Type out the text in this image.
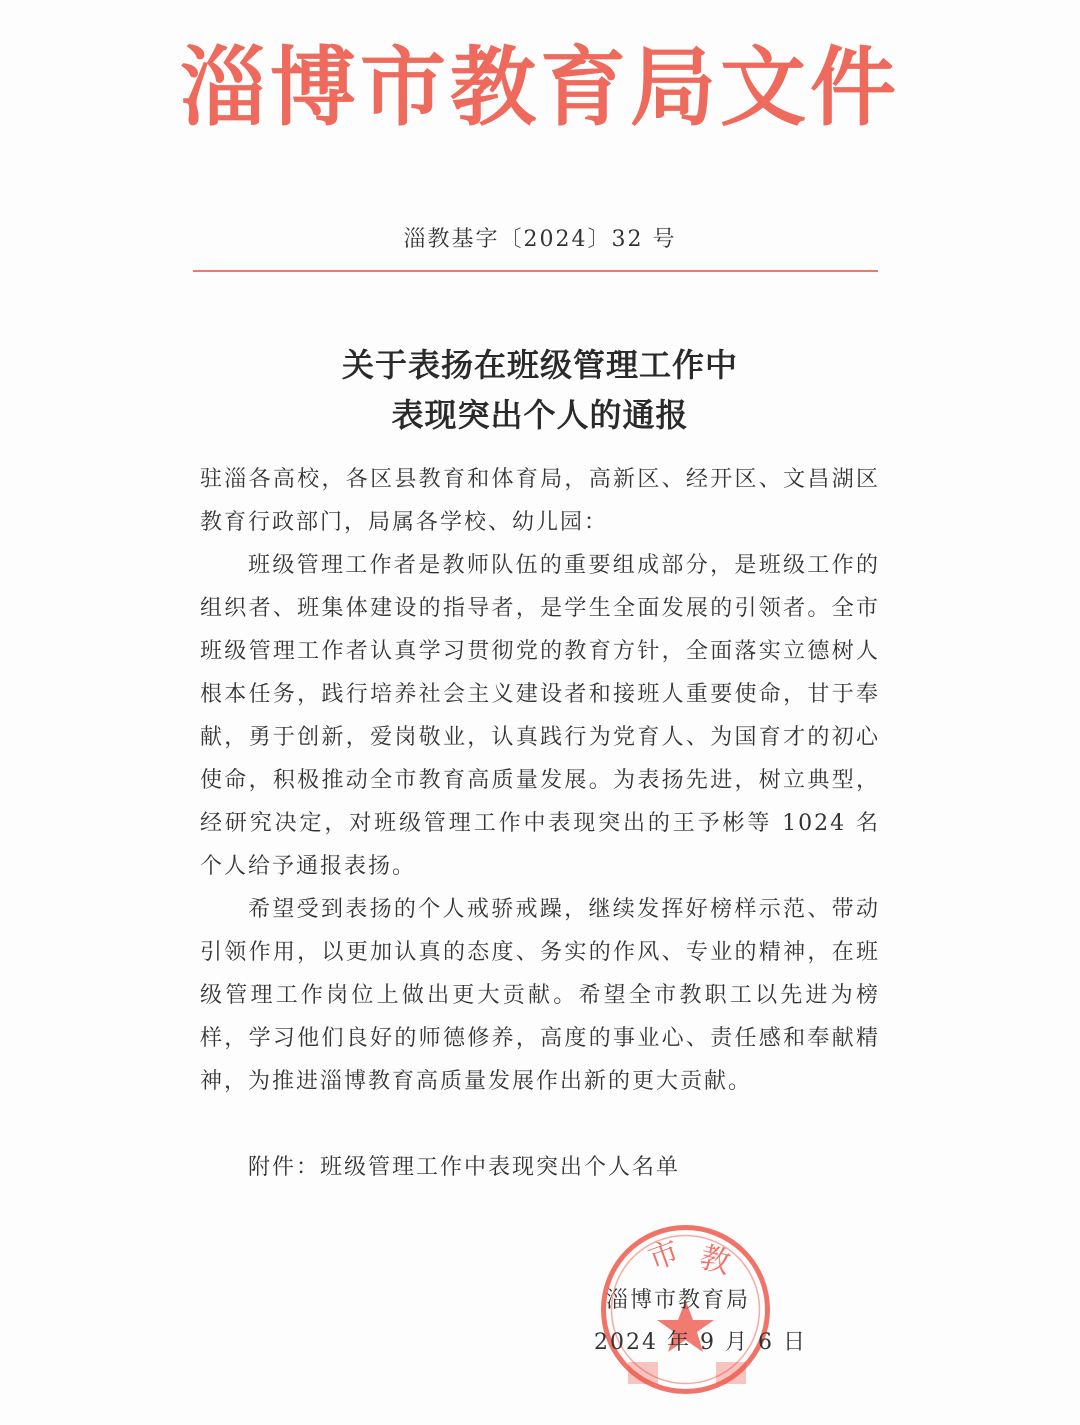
淄博市教育局文件
淄教基字〔2024〕32 号
关于表扬在班级管理工作中
表现突出个人的通报

驻淄各高校，各区县教育和体育局，高新区、经开区、文昌湖区教育行政部门，局属各学校、幼儿园：

班级管理工作者是教师队伍的重要组成部分，是班级工作的组织者、班集体建设的指导者，是学生全面发展的引领者。全市班级管理工作者认真学习贯彻党的教育方针，全面落实立德树人根本任务，践行培养社会主义建设者和接班人重要使命，甘于奉献，勇于创新，爱岗敬业，认真践行为党育人、为国育才的初心使命，积极推动全市教育高质量发展。为表扬先进，树立典型，经研究决定，对班级管理工作中表现突出的王予彬等 1024 名个人给予通报表扬。

希望受到表扬的个人戒骄戒躁，继续发挥好榜样示范、带动引领作用，以更加认真的态度、务实的作风、专业的精神，在班级管理工作岗位上做出更大贡献。希望全市教职工以先进为榜样，学习他们良好的师德修养，高度的事业心、责任感和奉献精神，为推进淄博教育高质量发展作出新的更大贡献。

附件：班级管理工作中表现突出个人名单
市 教
淄博市教育局
2024 年 9 月 6 日
